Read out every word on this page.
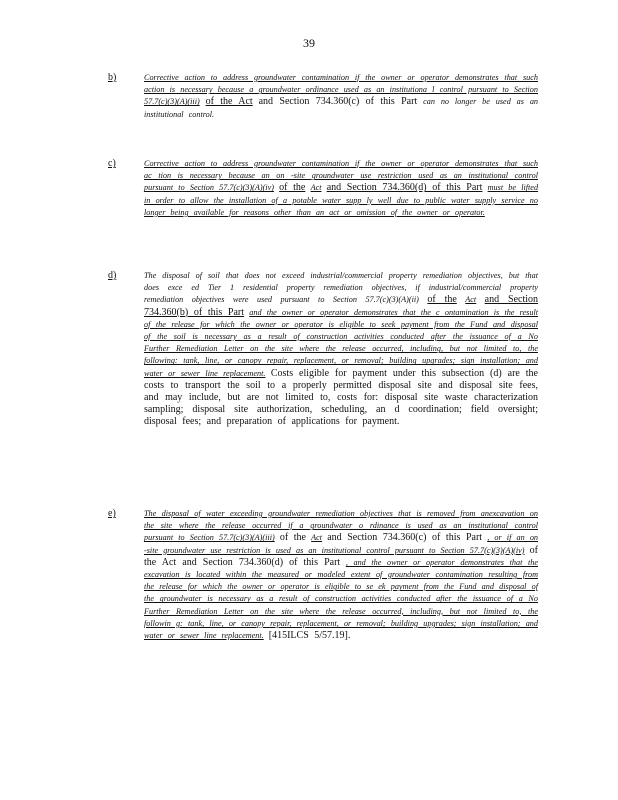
39
b)	Corrective action to address groundwater contamination if the owner or operator demonstrates that such action is necessary because a groundwater ordinance used as an institutiona l control pursuant to Section 57.7(c)(3)(A)(iii) of the Act and Section 734.360(c) of this Part can no longer be used as an institutional control.
c)	Corrective action to address groundwater contamination if the owner or operator demonstrates that such ac tion is necessary because an on -site groundwater use restriction used as an institutional control pursuant to Section 57.7(c)(3)(A)(iv) of the Act and Section 734.360(d) of this Part must be lifted in order to allow the installation of a potable water supp ly well due to public water supply service no longer being available for reasons other than an act or omission of the owner or operator.
d)	The disposal of soil that does not exceed industrial/commercial property remediation objectives, but that does exce ed Tier 1 residential property remediation objectives, if industrial/commercial property remediation objectives were used pursuant to Section 57.7(c)(3)(A)(ii) of the Act and Section 734.360(b) of this Part and the owner or operator demonstrates that the c ontamination is the result of the release for which the owner or operator is eligible to seek payment from the Fund and disposal of the soil is necessary as a result of construction activities conducted after the issuance of a No Further Remediation Letter on the site where the release occurred, including, but not limited to, the following: tank, line, or canopy repair, replacement, or removal; building upgrades; sign installation; and water or sewer line replacement. Costs eligible for payment under this subsection (d) are the costs to transport the soil to a properly permitted disposal site and disposal site fees, and may include, but are not limited to, costs for: disposal site waste characterization sampling; disposal site authorization, scheduling, an d coordination; field oversight; disposal fees; and preparation of applications for payment.
e)	The disposal of water exceeding groundwater remediation objectives that is removed from anexcavation on the site where the release occurred if a groundwater o rdinance is used as an institutional control pursuant to Section 57.7(c)(3)(A)(iii) of the Act and Section 734.360(c) of this Part , or if an on -site groundwater use restriction is used as an institutional control pursuant to Section 57.7(c)(3)(A)(iv) of the Act and Section 734.360(d) of this Part , and the owner or operator demonstrates that the excavation is located within the measured or modeled extent of groundwater contamination resulting from the release for which the owner or operator is eligible to se ek payment from the Fund and disposal of the groundwater is necessary as a result of construction activities conducted after the issuance of a No Further Remediation Letter on the site where the release occurred, including, but not limited to, the followin g: tank, line, or canopy repair, replacement, or removal; building upgrades; sign installation; and water or sewer line replacement. [415ILCS 5/57.19].
